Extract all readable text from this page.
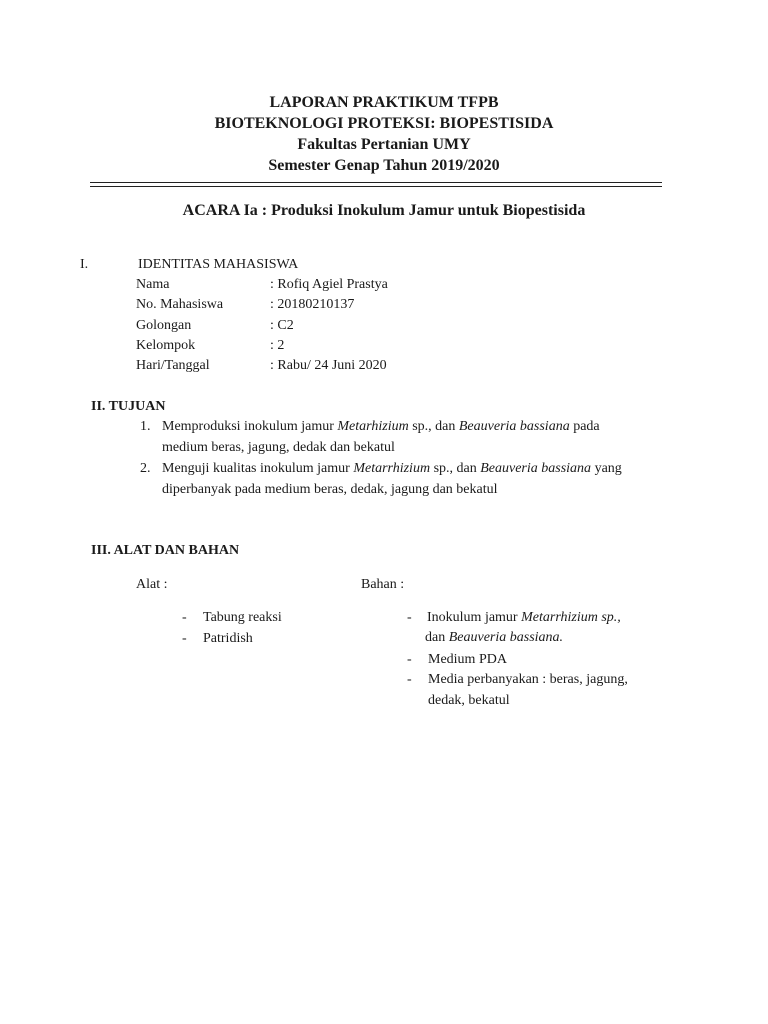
LAPORAN PRAKTIKUM TFPB
BIOTEKNOLOGI PROTEKSI: BIOPESTISIDA
Fakultas Pertanian UMY
Semester Genap Tahun 2019/2020
ACARA Ia : Produksi Inokulum Jamur untuk Biopestisida
I.	IDENTITAS MAHASISWA
Nama	: Rofiq Agiel Prastya
No. Mahasiswa	: 20180210137
Golongan	: C2
Kelompok	: 2
Hari/Tanggal	: Rabu/ 24 Juni 2020
II. TUJUAN
1. Memproduksi inokulum jamur Metarhizium sp., dan Beauveria bassiana pada
medium beras, jagung, dedak dan bekatul
2. Menguji kualitas inokulum jamur Metarrhizium sp., dan Beauveria bassiana yang
diperbanyak pada medium beras, dedak, jagung dan bekatul
III. ALAT DAN BAHAN
Alat :	Bahan :
- Tabung reaksi
- Patridish
- Inokulum jamur Metarrhizium sp.,
dan Beauveria bassiana.
- Medium PDA
- Media perbanyakan : beras, jagung,
dedak, bekatul
